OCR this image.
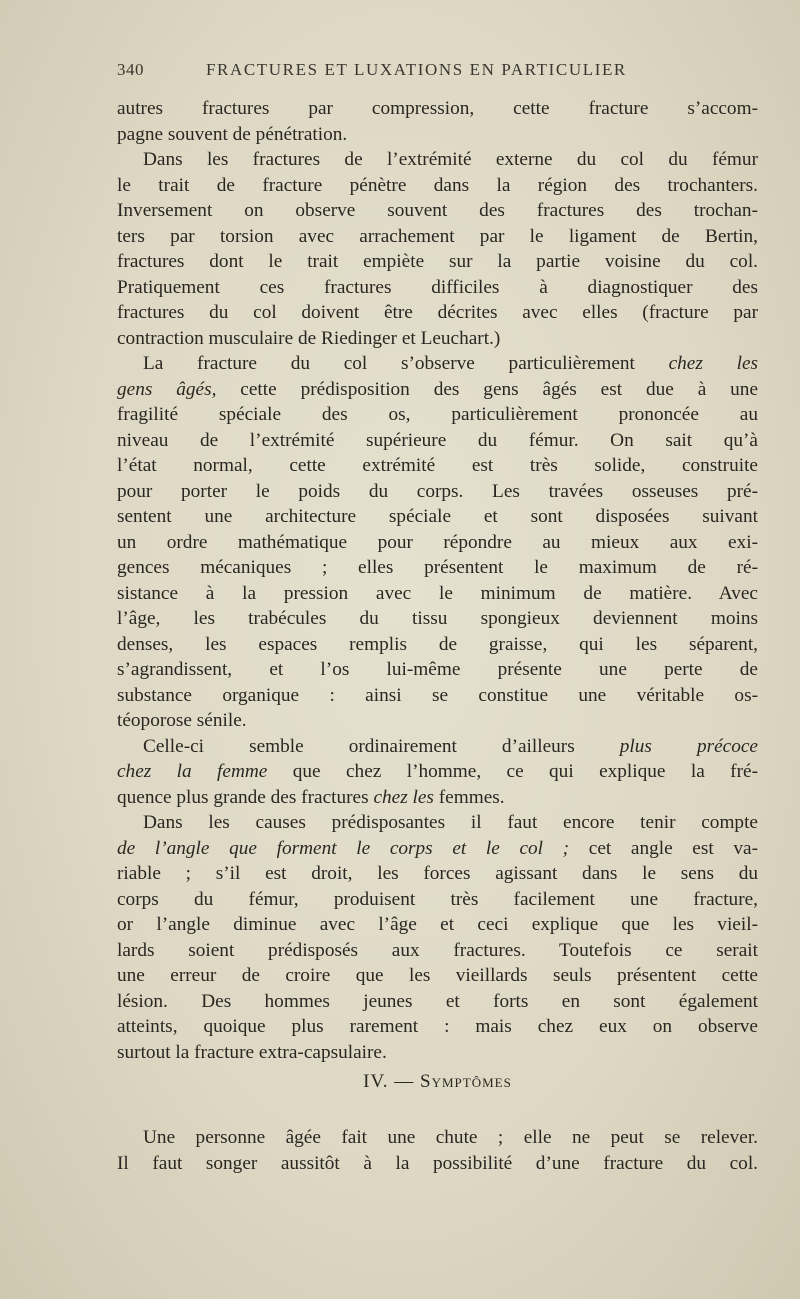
340	FRACTURES ET LUXATIONS EN PARTICULIER
autres fractures par compression, cette fracture s’accom-
pagne souvent de pénétration.
Dans les fractures de l’extrémité externe du col du fémur
le trait de fracture pénètre dans la région des trochanters.
Inversement on observe souvent des fractures des trochan-
ters par torsion avec arrachement par le ligament de Bertin,
fractures dont le trait empiète sur la partie voisine du col.
Pratiquement ces fractures difficiles à diagnostiquer des
fractures du col doivent être décrites avec elles (fracture par
contraction musculaire de Riedinger et Leuchart.)
La fracture du col s’observe particulièrement chez les
gens âgés, cette prédisposition des gens âgés est due à une
fragilité spéciale des os, particulièrement prononcée au
niveau de l’extrémité supérieure du fémur. On sait qu’à
l’état normal, cette extrémité est très solide, construite
pour porter le poids du corps. Les travées osseuses pré-
sentent une architecture spéciale et sont disposées suivant
un ordre mathématique pour répondre au mieux aux exi-
gences mécaniques ; elles présentent le maximum de ré-
sistance à la pression avec le minimum de matière. Avec
l’âge, les trabécules du tissu spongieux deviennent moins
denses, les espaces remplis de graisse, qui les séparent,
s’agrandissent, et l’os lui-même présente une perte de
substance organique : ainsi se constitue une véritable os-
téoporose sénile.
Celle-ci semble ordinairement d’ailleurs plus précoce
chez la femme que chez l’homme, ce qui explique la fré-
quence plus grande des fractures chez les femmes.
Dans les causes prédisposantes il faut encore tenir compte
de l’angle que forment le corps et le col ; cet angle est va-
riable ; s’il est droit, les forces agissant dans le sens du
corps du fémur, produisent très facilement une fracture,
or l’angle diminue avec l’âge et ceci explique que les vieil-
lards soient prédisposés aux fractures. Toutefois ce serait
une erreur de croire que les vieillards seuls présentent cette
lésion. Des hommes jeunes et forts en sont également
atteints, quoique plus rarement : mais chez eux on observe
surtout la fracture extra-capsulaire.
IV. — Symptômes
Une personne âgée fait une chute ; elle ne peut se relever.
Il faut songer aussitôt à la possibilité d’une fracture du col.
